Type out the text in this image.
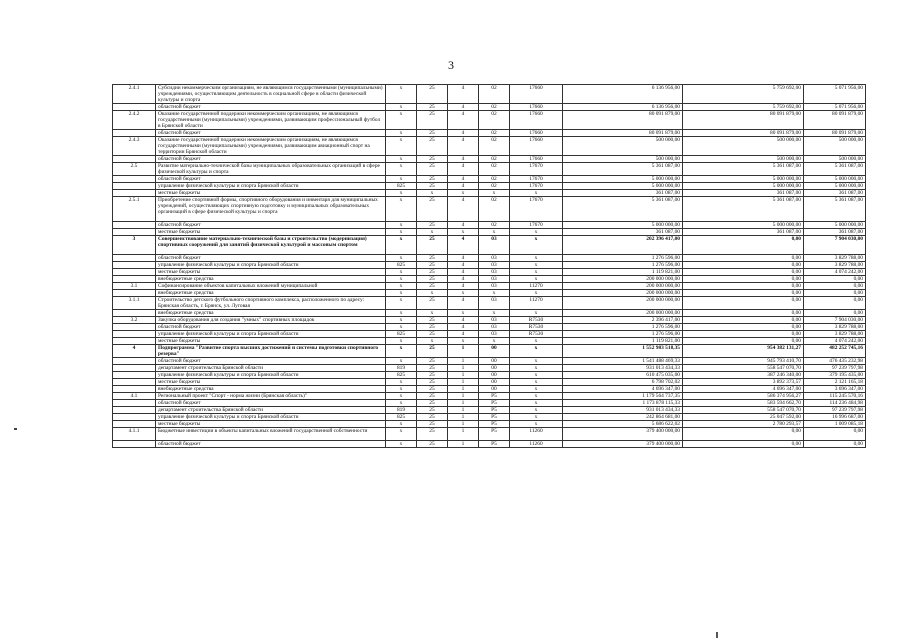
3
2.4.1	Субсидии некоммерческим организациям, не являющимся государственными (муниципальными) учреждениями, осуществляющим деятельность в социальной сфере в области физической культуры и спорта	х	25	4	02	17660	6 136 956,00	5 759 692,00	5 071 956,00
	областной бюджет	х	25	4	02	17660	6 136 956,00	5 759 692,00	5 071 956,00
2.4.2	Оказание государственной поддержки некоммерческим организациям, не являющимся государственными (муниципальными) учреждениями, развивающим профессиональный футбол в Брянской области	х	25	4	02	17660	80 091 879,00	80 091 879,00	80 091 879,00
	областной бюджет	х	25	4	02	17660	80 091 879,00	80 091 879,00	80 091 879,00
2.4.3	Оказание государственной поддержки некоммерческим организациям, не являющимся государственными (муниципальными) учреждениями, развивающим авиационный спорт на территории Брянской области	х	25	4	02	17660	500 000,00	500 000,00	500 000,00
	областной бюджет	х	25	4	02	17660	500 000,00	500 000,00	500 000,00
2.5	Развитие материально-технической базы муниципальных образовательных организаций в сфере физической культуры и спорта	х	25	4	02	17670	5 361 087,00	5 361 087,00	5 361 087,00
	областной бюджет	х	25	4	02	17670	5 000 000,00	5 000 000,00	5 000 000,00
	управление физической культуры и спорта Брянской области	825	25	4	02	17670	5 000 000,00	5 000 000,00	5 000 000,00
	местные бюджеты	х	х	х	х	х	361 087,00	361 087,00	361 087,00
2.5.1	Приобретение спортивной формы, спортивного оборудования и инвентаря для муниципальных учреждений, осуществляющих спортивную подготовку и муниципальных образовательных организаций в сфере физической культуры и спорта	х	25	4	02	17670	5 361 087,00	5 361 087,00	5 361 087,00
	областной бюджет	х	25	4	02	17670	5 000 000,00	5 000 000,00	5 000 000,00
	местные бюджеты	х	х	х	х	х	361 087,00	361 087,00	361 087,00
3	Совершенствование материально-технической базы и строительство (модернизация) спортивных сооружений для занятий физической культурой и массовым спортом	х	25	4	03	х	202 396 417,00	0,00	7 904 030,00
	областной бюджет	х	25	4	03	х	1 276 596,00	0,00	3 829 788,00
	управление физической культуры и спорта Брянской области	825	25	4	03	х	1 276 596,00	0,00	3 829 788,00
	местные бюджеты	х	25	4	03	х	1 119 821,00	0,00	4 074 242,00
	внебюджетные средства	х	25	4	03	х	200 000 000,00	0,00	0,00
3.1	Софинансирование объектов капитальных вложений муниципальной	х	25	4	03	11270	200 000 000,00	0,00	0,00
	внебюджетные средства	х	х	х	х	х	200 000 000,00	0,00	0,00
3.1.1	Строительство детского футбольного спортивного комплекса, расположенного по адресу: Брянская область, г. Брянск, ул. Луговая	х	25	4	03	11270	200 000 000,00	0,00	0,00
	внебюджетные средства	х	х	х	х	х	200 000 000,00	0,00	0,00
3.2	Закупка оборудования для создания "умных" спортивных площадок	х	25	4	03	R7530	2 396 417,00	0,00	7 904 030,00
	областной бюджет	х	25	4	03	R7530	1 276 596,00	0,00	3 829 788,00
	управление физической культуры и спорта Брянской области	825	25	4	03	R7530	1 276 596,00	0,00	3 829 788,00
	местные бюджеты	х	х	х	х	х	1 119 821,00	0,00	4 074 242,00
4	Подпрограмма "Развитие спорта высших достижений и системы подготовки спортивного резерва"	х	25	1	00	х	1 552 983 518,35	954 382 131,27	482 252 745,16
	областной бюджет	х	25	1	00	х	1 541 488 469,33	945 793 410,70	476 435 232,98
	департамент строительства Брянской области	819	25	1	00	х	931 013 434,33	558 547 070,70	97 239 797,98
	управление физической культуры и спорта Брянской области	825	25	1	00	х	610 475 035,00	387 246 340,00	379 195 435,00
	местные бюджеты	х	25	1	00	х	6 798 702,02	3 892 373,57	2 121 165,18
	внебюджетные средства	х	25	1	00	х	4 696 347,00	4 696 347,00	3 696 347,00
4.1	Региональный проект "Спорт - норма жизни (Брянская область)"	х	25	1	P5	х	1 179 564 737,35	586 374 956,27	115 245 570,16
	областной бюджет	х	25	1	P5	х	1 173 878 115,33	583 594 662,70	114 236 484,98
	департамент строительства Брянской области	819	25	1	P5	х	931 013 434,33	558 547 070,70	97 239 797,98
	управление физической культуры и спорта Брянской области	825	25	1	P5	х	242 864 681,00	25 047 592,00	16 996 687,00
	местные бюджеты	х	25	1	P5	х	5 686 622,02	2 780 293,57	1 009 085,18
4.1.1	Бюджетные инвестиции в объекты капитальных вложений государственной собственности	х	25	1	P5	11260	379 400 000,00	0,00	0,00
	областной бюджет	х	25	1	P5	11260	379 400 000,00	0,00	0,00
